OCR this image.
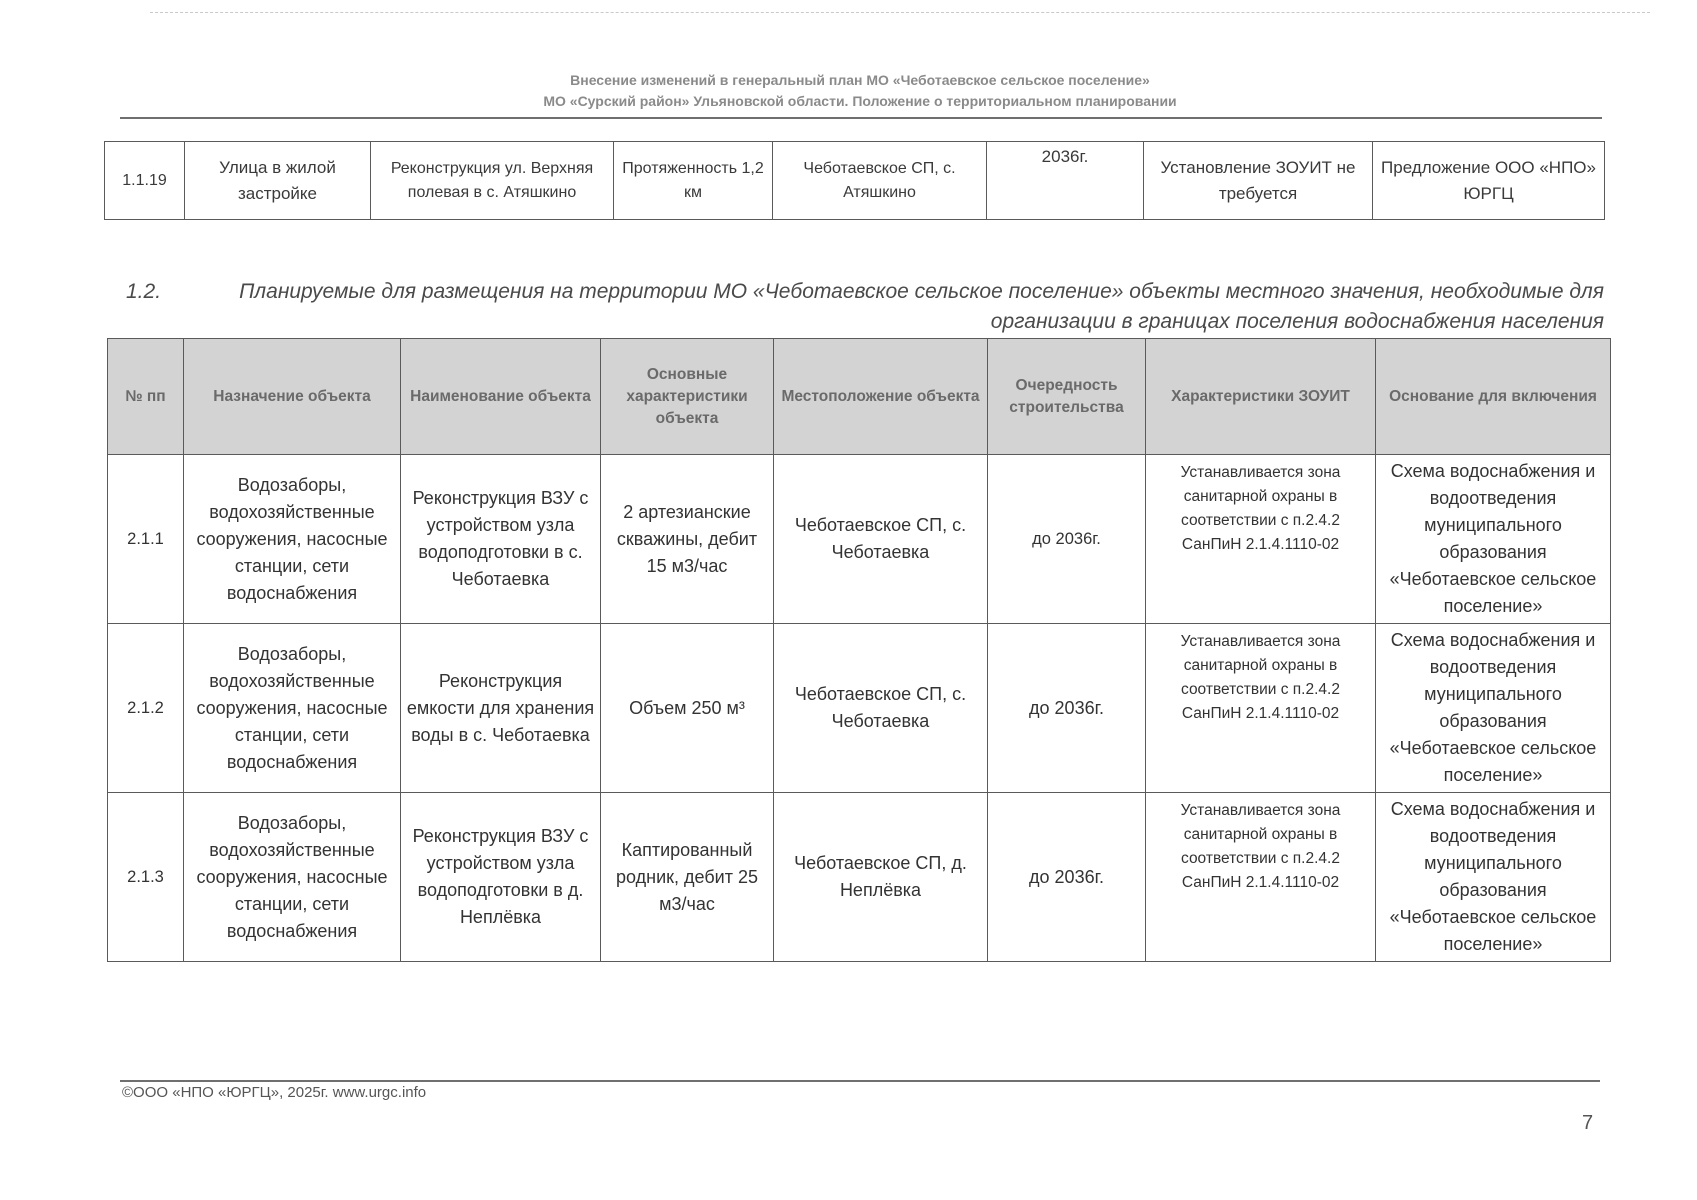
Внесение изменений в генеральный план МО «Чеботаевское сельское поселение»
МО «Сурский район» Ульяновской области. Положение о территориальном планировании
1.1.19	Улица в жилой застройке	Реконструкция ул. Верхняя полевая в с. Атяшкино	Протяженность 1,2 км	Чеботаевское СП, с. Атяшкино	2036г.	Установление ЗОУИТ не требуется	Предложение ООО «НПО» ЮРГЦ
1.2.	Планируемые для размещения на территории МО «Чеботаевское сельское поселение» объекты местного значения, необходимые для организации в границах поселения водоснабжения населения
№ пп	Назначение объекта	Наименование объекта	Основные характеристики объекта	Местоположение объекта	Очередность строительства	Характеристики ЗОУИТ	Основание для включения
2.1.1	Водозаборы, водохозяйственные сооружения, насосные станции, сети водоснабжения	Реконструкция ВЗУ с устройством узла водоподготовки в с. Чеботаевка	2 артезианские скважины, дебит 15 м3/час	Чеботаевское СП, с. Чеботаевка	до 2036г.	Устанавливается зона санитарной охраны в соответствии с п.2.4.2 СанПиН 2.1.4.1110-02	Схема водоснабжения и водоотведения муниципального образования «Чеботаевское сельское поселение»
2.1.2	Водозаборы, водохозяйственные сооружения, насосные станции, сети водоснабжения	Реконструкция емкости для хранения воды в с. Чеботаевка	Объем 250 м³	Чеботаевское СП, с. Чеботаевка	до 2036г.	Устанавливается зона санитарной охраны в соответствии с п.2.4.2 СанПиН 2.1.4.1110-02	Схема водоснабжения и водоотведения муниципального образования «Чеботаевское сельское поселение»
2.1.3	Водозаборы, водохозяйственные сооружения, насосные станции, сети водоснабжения	Реконструкция ВЗУ с устройством узла водоподготовки в д. Неплёвка	Каптированный родник, дебит 25 м3/час	Чеботаевское СП, д. Неплёвка	до 2036г.	Устанавливается зона санитарной охраны в соответствии с п.2.4.2 СанПиН 2.1.4.1110-02	Схема водоснабжения и водоотведения муниципального образования «Чеботаевское сельское поселение»
©ООО «НПО «ЮРГЦ», 2025г. www.urgc.info
7
